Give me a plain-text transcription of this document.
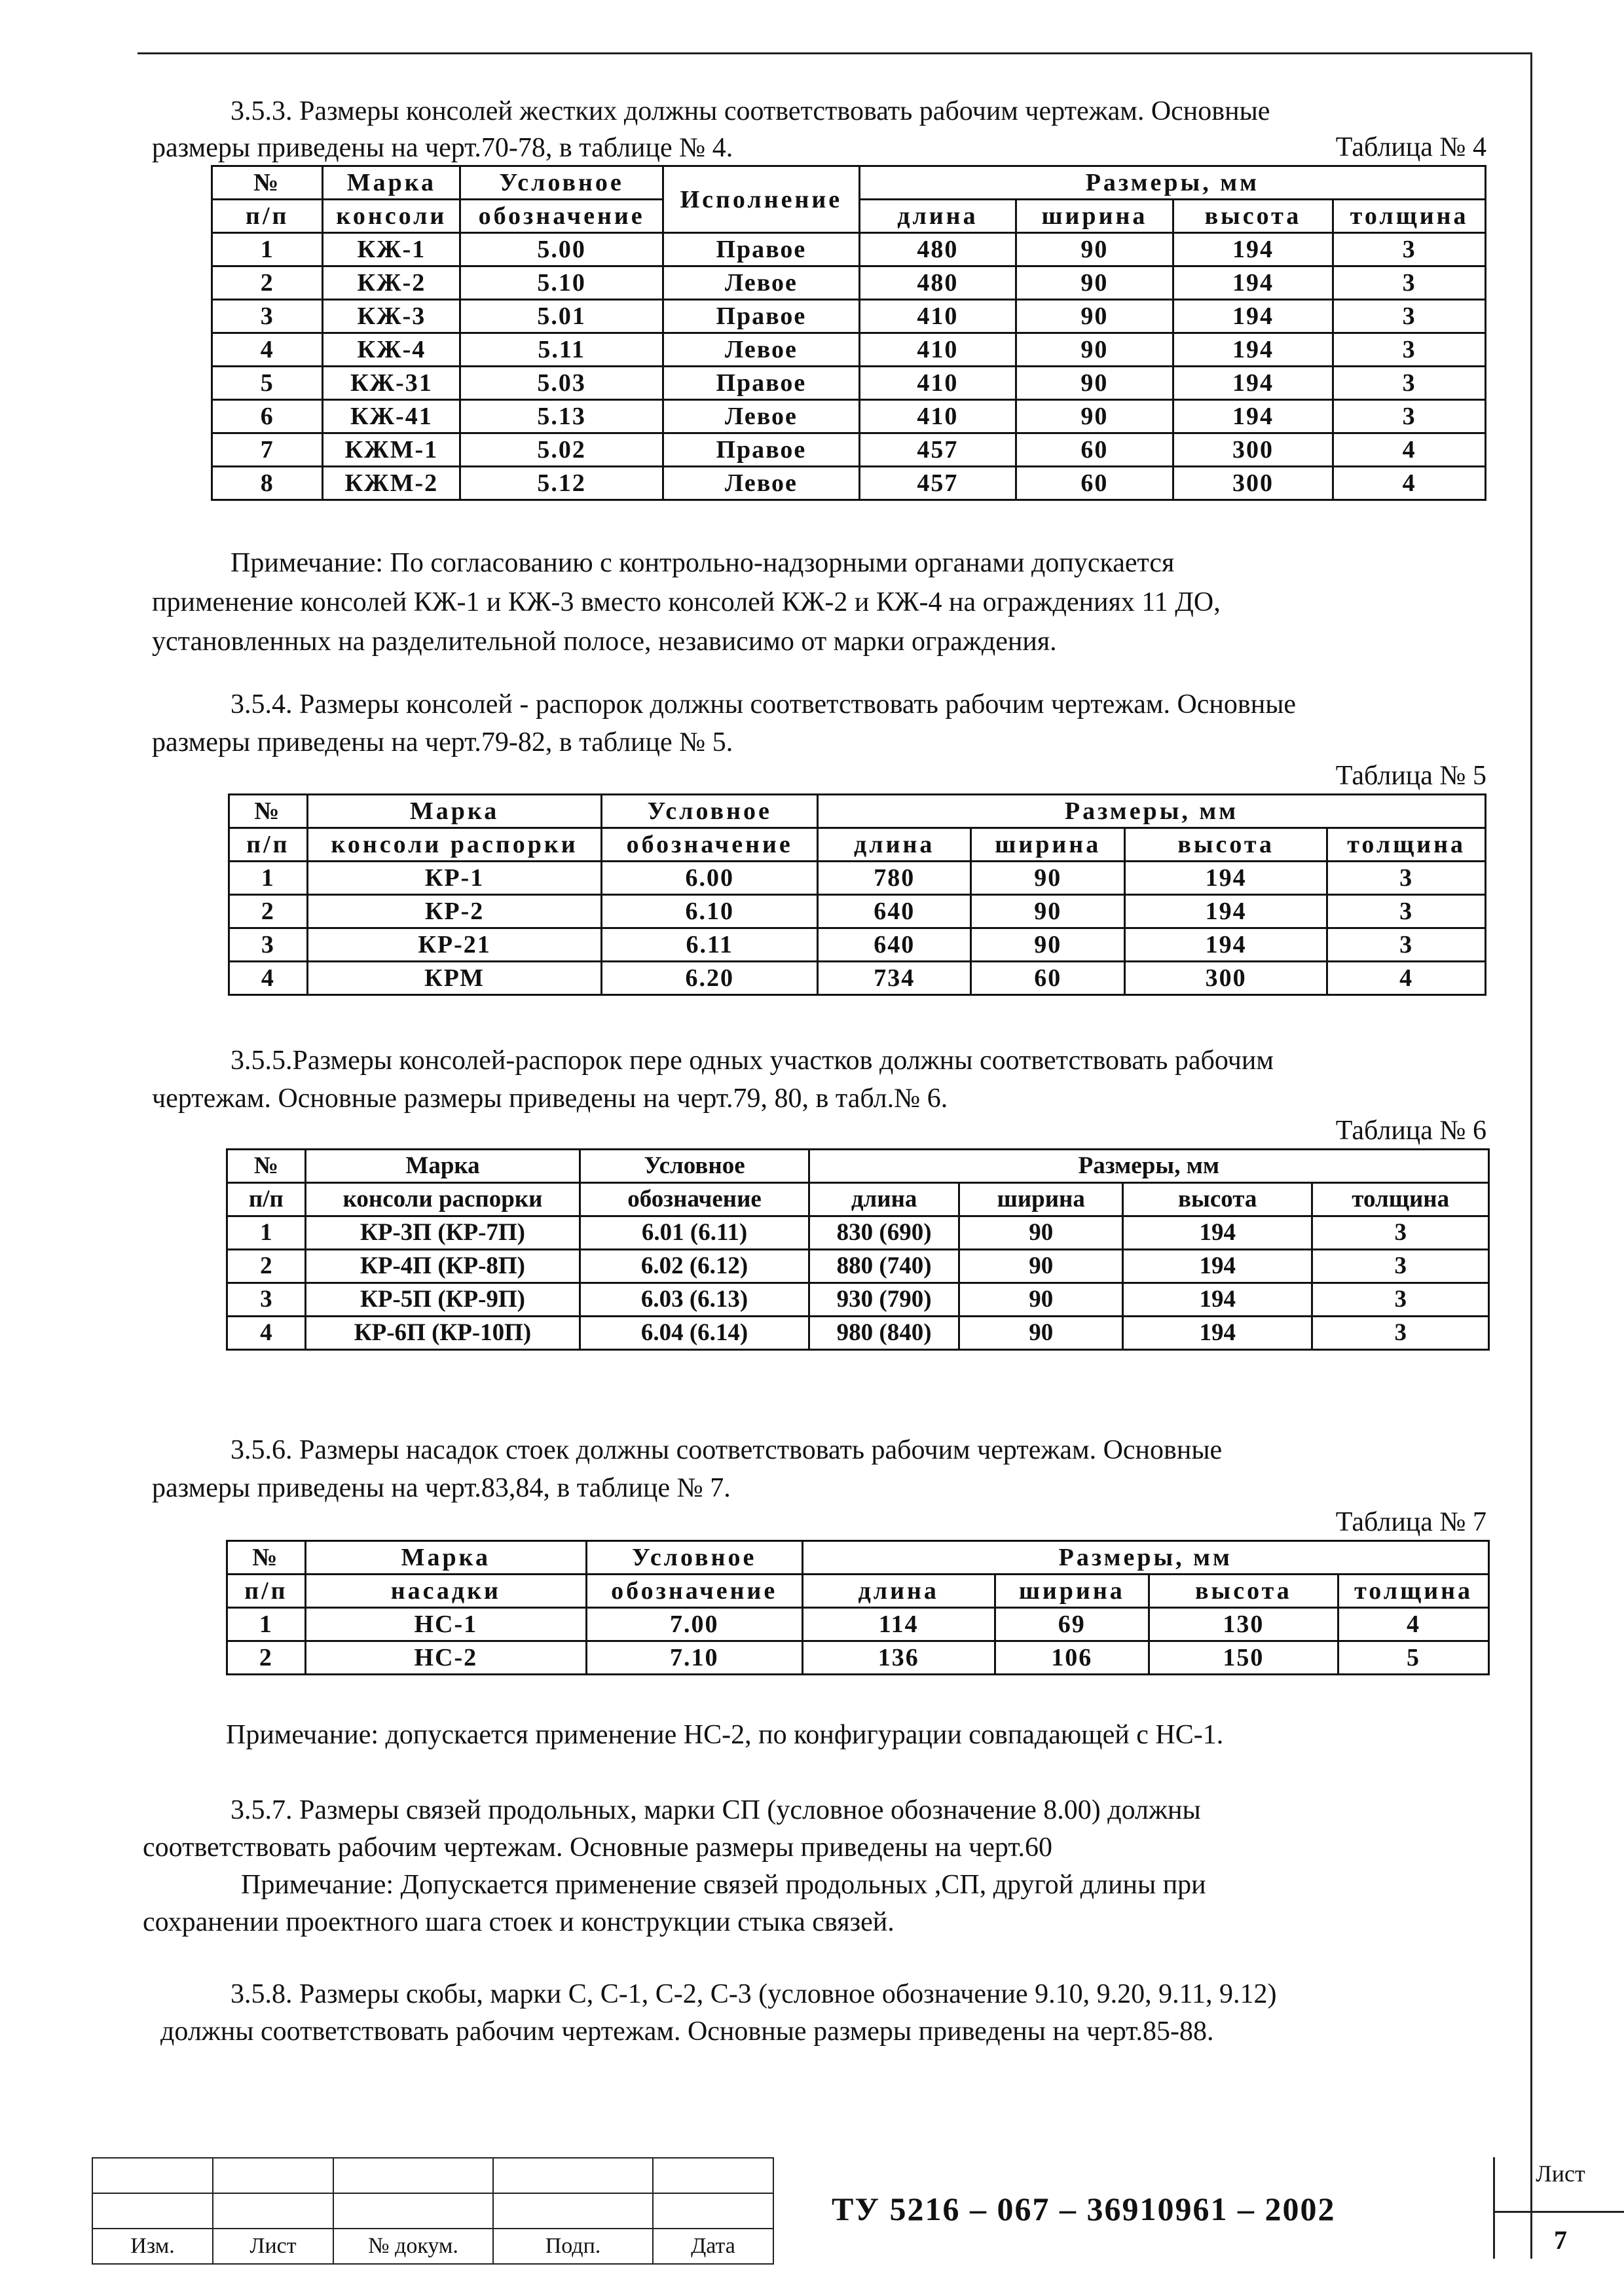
3.5.3. Размеры консолей жестких должны соответствовать рабочим чертежам. Основные

размеры приведены на черт.70-78, в таблице № 4.	Таблица № 4
№	Марка	Условное	Исполнение	Размеры, мм			
п/п	консоли	обозначение		длина	ширина	высота	толщина
1	КЖ-1	5.00	Правое	480	90	194	3
2	КЖ-2	5.10	Левое	480	90	194	3
3	КЖ-3	5.01	Правое	410	90	194	3
4	КЖ-4	5.11	Левое	410	90	194	3
5	КЖ-31	5.03	Правое	410	90	194	3
6	КЖ-41	5.13	Левое	410	90	194	3
7	КЖМ-1	5.02	Правое	457	60	300	4
8	КЖМ-2	5.12	Левое	457	60	300	4
Примечание: По согласованию с контрольно-надзорными органами допускается
применение консолей КЖ-1 и КЖ-3 вместо консолей КЖ-2 и КЖ-4 на ограждениях 11 ДО,
установленных на разделительной полосе, независимо от марки ограждения.

3.5.4. Размеры консолей - распорок должны соответствовать рабочим чертежам. Основные

размеры приведены на черт.79-82, в таблице № 5.

Таблица № 5
№	Марка	Условное	Размеры, мм			
п/п	консоли распорки	обозначение	длина	ширина	высота	толщина
1	КР-1	6.00	780	90	194	3
2	КР-2	6.10	640	90	194	3
3	КР-21	6.11	640	90	194	3
4	КРМ	6.20	734	60	300	4

3.5.5.Размеры консолей-распорок пере одных участков должны соответствовать рабочим

чертежам. Основные размеры приведены на черт.79, 80, в табл.№ 6.

Таблица № 6
№	Марка	Условное	Размеры, мм			
п/п	консоли распорки	обозначение	длина	ширина	высота	толщина
1	КР-3П (КР-7П)	6.01 (6.11)	830 (690)	90	194	3
2	КР-4П (КР-8П)	6.02 (6.12)	880 (740)	90	194	3
3	КР-5П (КР-9П)	6.03 (6.13)	930 (790)	90	194	3
4	КР-6П (КР-10П)	6.04 (6.14)	980 (840)	90	194	3

3.5.6. Размеры насадок стоек должны соответствовать рабочим чертежам. Основные

размеры приведены на черт.83,84, в таблице № 7.

Таблица № 7
№	Марка	Условное	Размеры, мм			
п/п	насадки	обозначение	длина	ширина	высота	толщина
1	НС-1	7.00	114	69	130	4
2	НС-2	7.10	136	106	150	5

Примечание: допускается применение НС-2, по конфигурации совпадающей с НС-1.

3.5.7. Размеры связей продольных, марки СП (условное обозначение 8.00) должны

соответствовать рабочим чертежам. Основные размеры приведены на черт.60

Примечание: Допускается применение связей продольных ,СП, другой длины при

сохранении проектного шага стоек и конструкции стыка связей.

3.5.8. Размеры скобы, марки С, С-1, С-2, С-3 (условное обозначение 9.10, 9.20, 9.11, 9.12)

должны соответствовать рабочим чертежам. Основные размеры приведены на черт.85-88.

Изм.	Лист	№ докум.	Подп.	Дата
ТУ 5216 – 067 – 36910961 – 2002
Лист
7
